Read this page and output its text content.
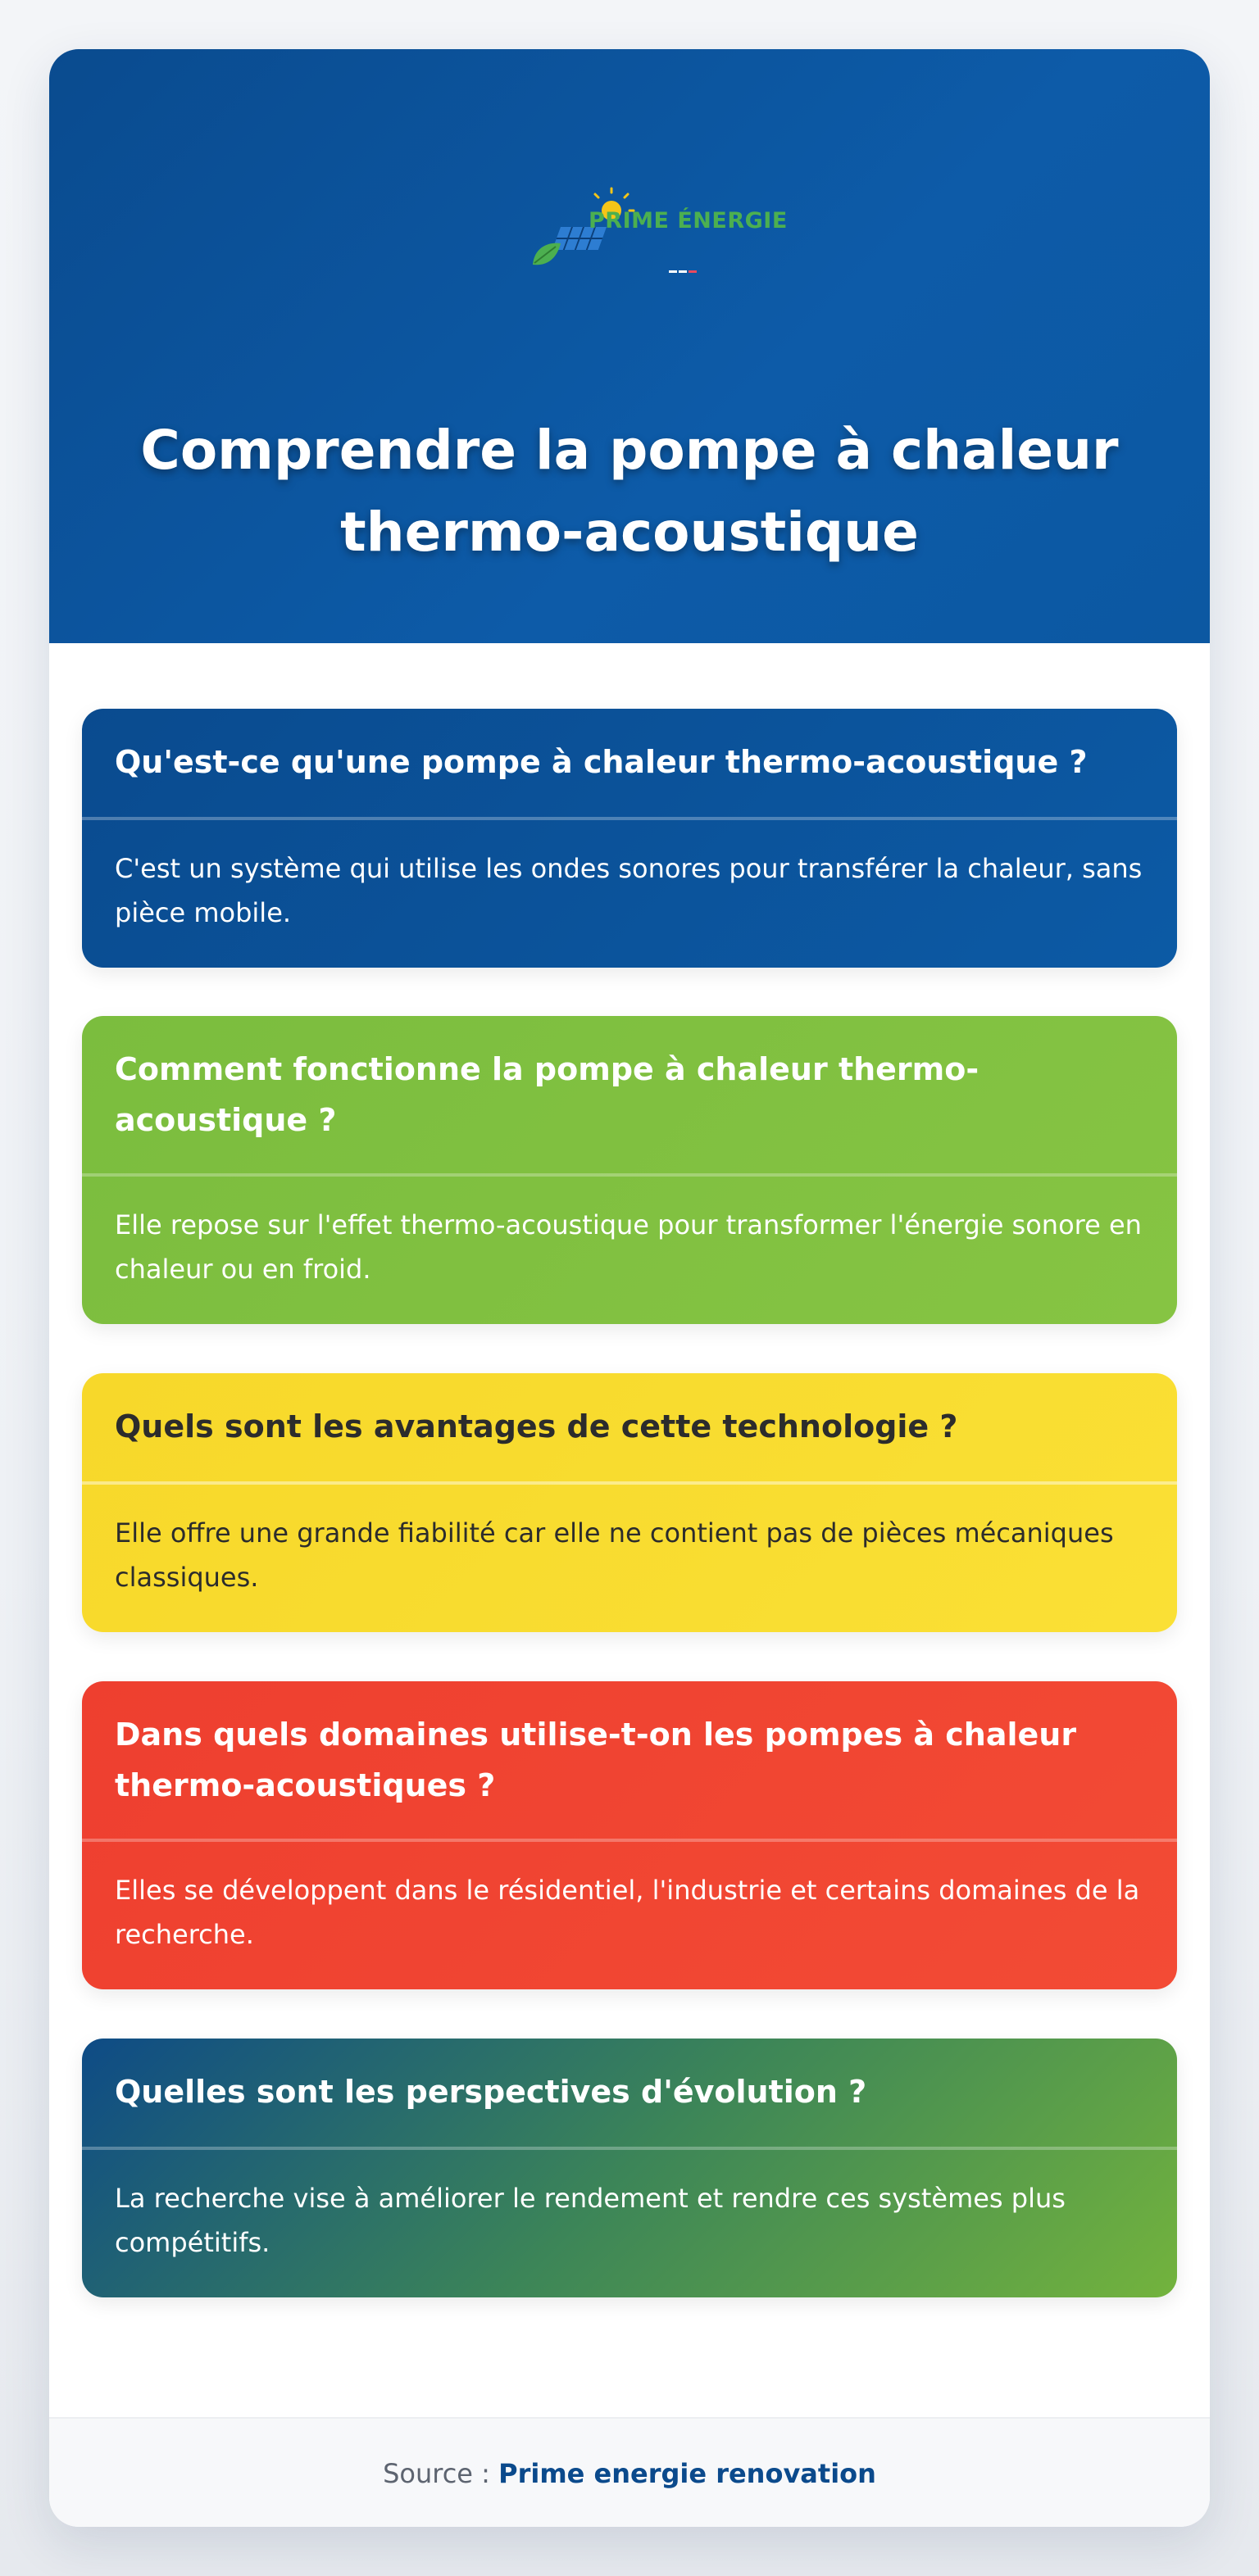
PRIME ÉNERGIE
Comprendre la pompe à chaleur thermo-acoustique
Qu'est-ce qu'une pompe à chaleur thermo-acoustique ?
C'est un système qui utilise les ondes sonores pour transférer la chaleur, sans pièce mobile.
Comment fonctionne la pompe à chaleur thermo-acoustique ?
Elle repose sur l'effet thermo-acoustique pour transformer l'énergie sonore en chaleur ou en froid.
Quels sont les avantages de cette technologie ?
Elle offre une grande fiabilité car elle ne contient pas de pièces mécaniques classiques.
Dans quels domaines utilise-t-on les pompes à chaleur thermo-acoustiques ?
Elles se développent dans le résidentiel, l'industrie et certains domaines de la recherche.
Quelles sont les perspectives d'évolution ?
La recherche vise à améliorer le rendement et rendre ces systèmes plus compétitifs.
Source : Prime energie renovation
